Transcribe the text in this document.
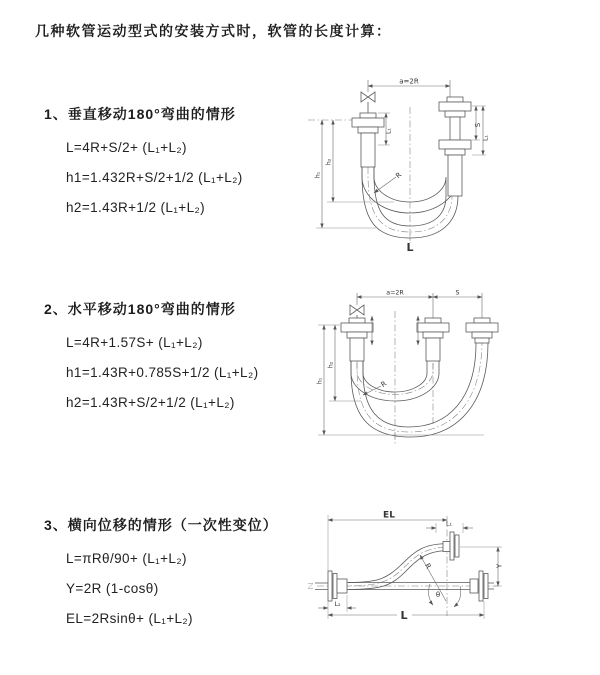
几种软管运动型式的安装方式时，软管的长度计算：
1、垂直移动180°弯曲的情形
L=4R+S/2+ (L₁+L₂)
h1=1.432R+S/2+1/2 (L₁+L₂)
h2=1.43R+1/2 (L₁+L₂)
2、水平移动180°弯曲的情形
L=4R+1.57S+ (L₁+L₂)
h1=1.43R+0.785S+1/2 (L₁+L₂)
h2=1.43R+S/2+1/2 (L₁+L₂)
3、横向位移的情形（一次性变位）
L=πRθ/90+ (L₁+L₂)
Y=2R (1-cosθ)
EL=2Rsinθ+ (L₁+L₂)
a=2R
S
L₁
L₁
h₁
h₂
R
L
a=2R	S
h₁
h₂
R
EL
L₁
Y
R
θ
L₂
L
